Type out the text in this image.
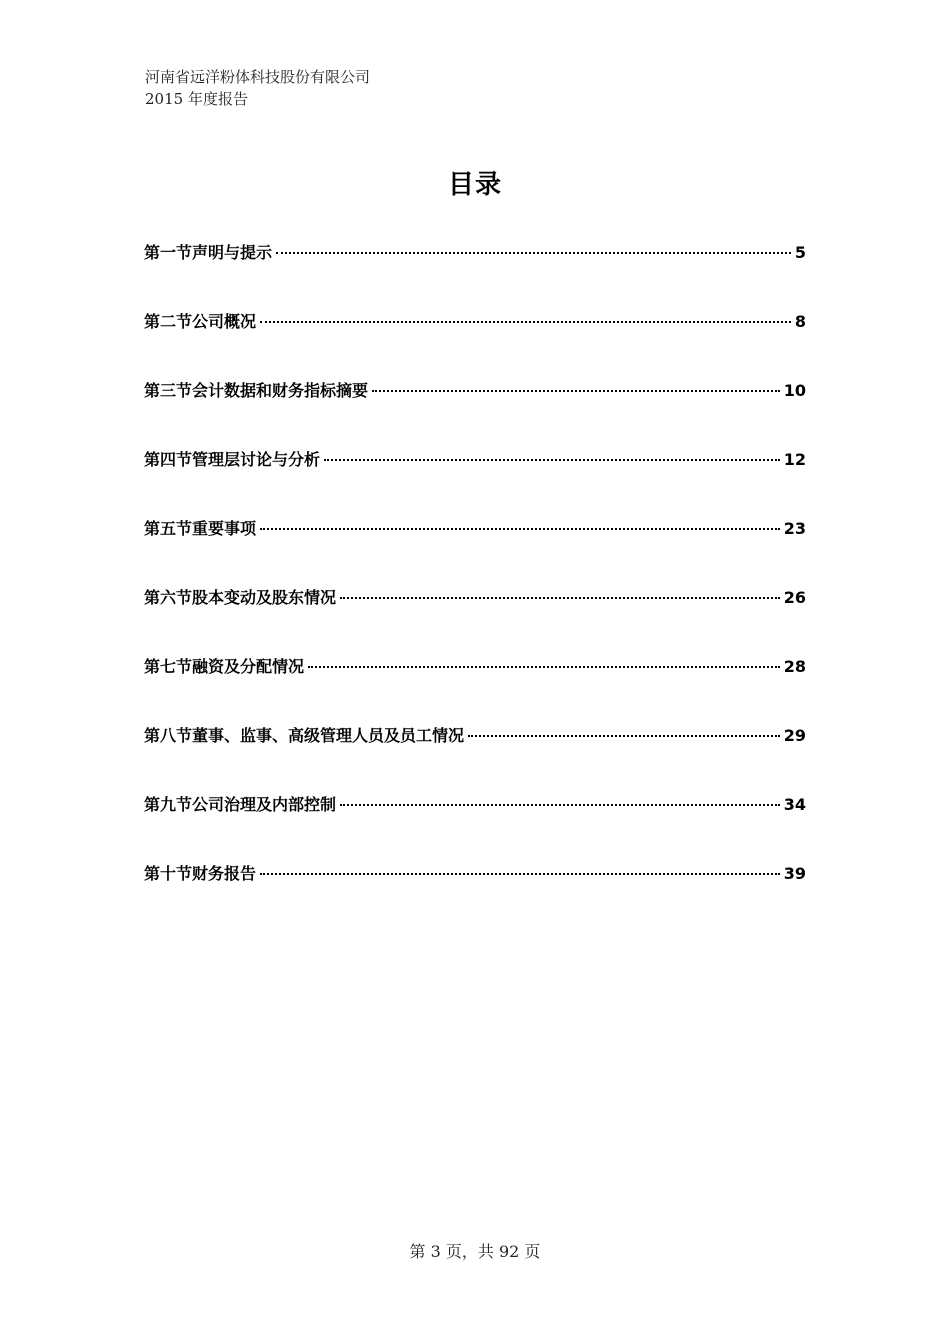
河南省远洋粉体科技股份有限公司
2015 年度报告
目录
第一节声明与提示	5
第二节公司概况	8
第三节会计数据和财务指标摘要	10
第四节管理层讨论与分析	12
第五节重要事项	23
第六节股本变动及股东情况	26
第七节融资及分配情况	28
第八节董事、监事、高级管理人员及员工情况	29
第九节公司治理及内部控制	34
第十节财务报告	39
第 3 页，共 92 页
